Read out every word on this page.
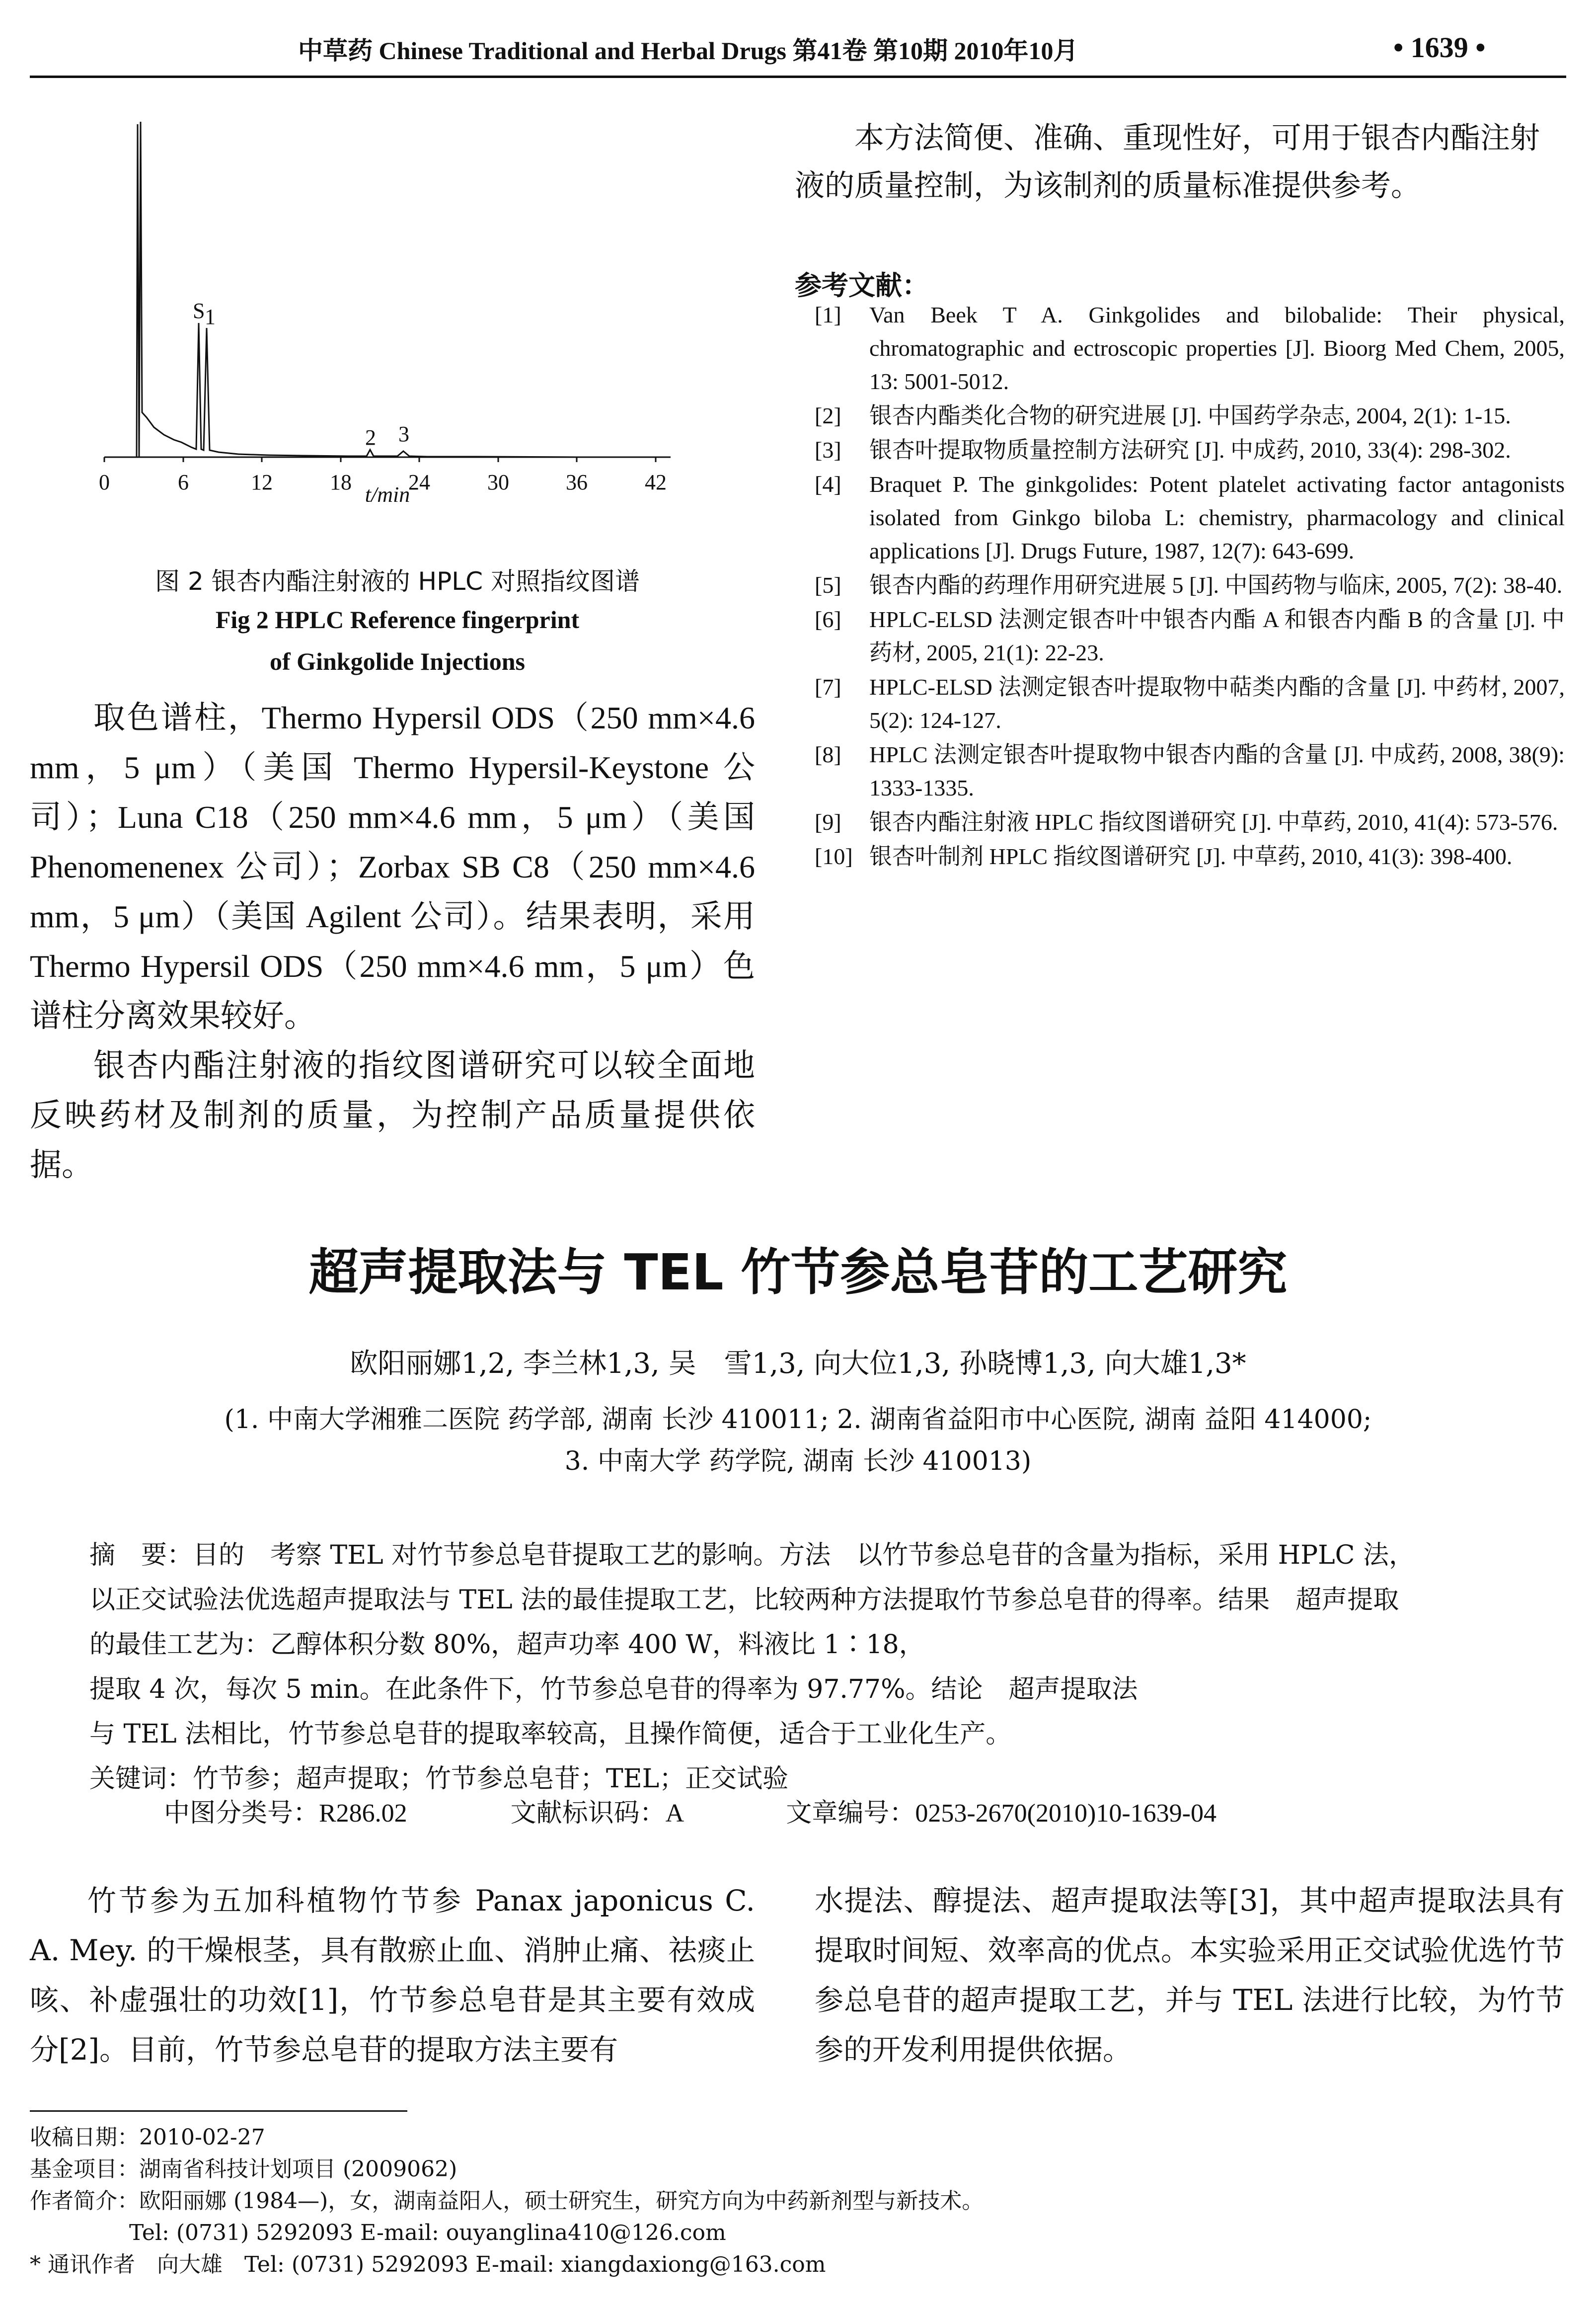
中草药 Chinese Traditional and Herbal Drugs 第41卷 第10期 2010年10月	• 1639 •
0	6	12	18	24	30	36	42
t/min
S 1
2 3
图 2 银杏内酯注射液的 HPLC 对照指纹图谱
Fig 2 HPLC Reference fingerprint
of Ginkgolide Injections

取色谱柱，Thermo Hypersil ODS（250 mm×4.6 mm，5 μm）（美国 Thermo Hypersil-Keystone 公司）；Luna C18（250 mm×4.6 mm，5 μm）（美国 Phenomenenex 公司）；Zorbax SB C8（250 mm×4.6 mm，5 μm）（美国 Agilent 公司）。结果表明，采用 Thermo Hypersil ODS（250 mm×4.6 mm，5 μm）色谱柱分离效果较好。

银杏内酯注射液的指纹图谱研究可以较全面地反映药材及制剂的质量，为控制产品质量提供依据。

本方法简便、准确、重现性好，可用于银杏内酯注射液的质量控制，为该制剂的质量标准提供参考。

参考文献：
[1]	Van Beek T A. Ginkgolides and bilobalide: Their physical, chromatographic and ectroscopic properties [J]. Bioorg Med Chem, 2005, 13: 5001-5012.
[2]	银杏内酯类化合物的研究进展 [J]. 中国药学杂志, 2004, 2(1): 1-15.
[3]	银杏叶提取物质量控制方法研究 [J]. 中成药, 2010, 33(4): 298-302.
[4]	Braquet P. The ginkgolides: Potent platelet activating factor antagonists isolated from Ginkgo biloba L: chemistry, pharmacology and clinical applications [J]. Drugs Future, 1987, 12(7): 643-699.
[5]	银杏内酯的药理作用研究进展 5 [J]. 中国药物与临床, 2005, 7(2): 38-40.
[6]	HPLC-ELSD 法测定银杏叶中银杏内酯 A 和银杏内酯 B 的含量 [J]. 中药材, 2005, 21(1): 22-23.
[7]	HPLC-ELSD 法测定银杏叶提取物中萜类内酯的含量 [J]. 中药材, 2007, 5(2): 124-127.
[8]	HPLC 法测定银杏叶提取物中银杏内酯的含量 [J]. 中成药, 2008, 38(9): 1333-1335.
[9]	银杏内酯注射液 HPLC 指纹图谱研究 [J]. 中草药, 2010, 41(4): 573-576.
[10] 银杏叶制剂 HPLC 指纹图谱研究 [J]. 中草药, 2010, 41(3): 398-400.
超声提取法与 TEL 竹节参总皂苷的工艺研究
欧阳丽娜1,2, 李兰林1,3, 吴　雪1,3, 向大位1,3, 孙晓博1,3, 向大雄1,3*
(1. 中南大学湘雅二医院 药学部, 湖南 长沙 410011; 2. 湖南省益阳市中心医院, 湖南 益阳 414000;
3. 中南大学 药学院, 湖南 长沙 410013)
摘　要：目的　考察 TEL 对竹节参总皂苷提取工艺的影响。方法　以竹节参总皂苷的含量为指标，采用 HPLC 法，
以正交试验法优选超声提取法与 TEL 法的最佳提取工艺，比较两种方法提取竹节参总皂苷的得率。结果　超声提取
的最佳工艺为：乙醇体积分数 80%，超声功率 400 W，料液比 1∶18，
提取 4 次，每次 5 min。在此条件下，竹节参总皂苷的得率为 97.77%。结论　超声提取法
与 TEL 法相比，竹节参总皂苷的提取率较高，且操作简便，适合于工业化生产。
关键词：竹节参；超声提取；竹节参总皂苷；TEL；正交试验
中图分类号：R286.02　　　　文献标识码：A　　　　文章编号：0253-2670(2010)10-1639-04

竹节参为五加科植物竹节参 Panax japonicus C. A. Mey. 的干燥根茎，具有散瘀止血、消肿止痛、祛痰止咳、补虚强壮的功效[1]，竹节参总皂苷是其主要有效成分[2]。目前，竹节参总皂苷的提取方法主要有

水提法、醇提法、超声提取法等[3]，其中超声提取法具有提取时间短、效率高的优点。本实验采用正交试验优选竹节参总皂苷的超声提取工艺，并与 TEL 法进行比较，为竹节参的开发利用提供依据。

收稿日期：2010-02-27
基金项目：湖南省科技计划项目 (2009062)
作者简介：欧阳丽娜 (1984—)，女，湖南益阳人，硕士研究生，研究方向为中药新剂型与新技术。
Tel: (0731) 5292093 E-mail: ouyanglina410@126.com
* 通讯作者　向大雄　Tel: (0731) 5292093 E-mail: xiangdaxiong@163.com
